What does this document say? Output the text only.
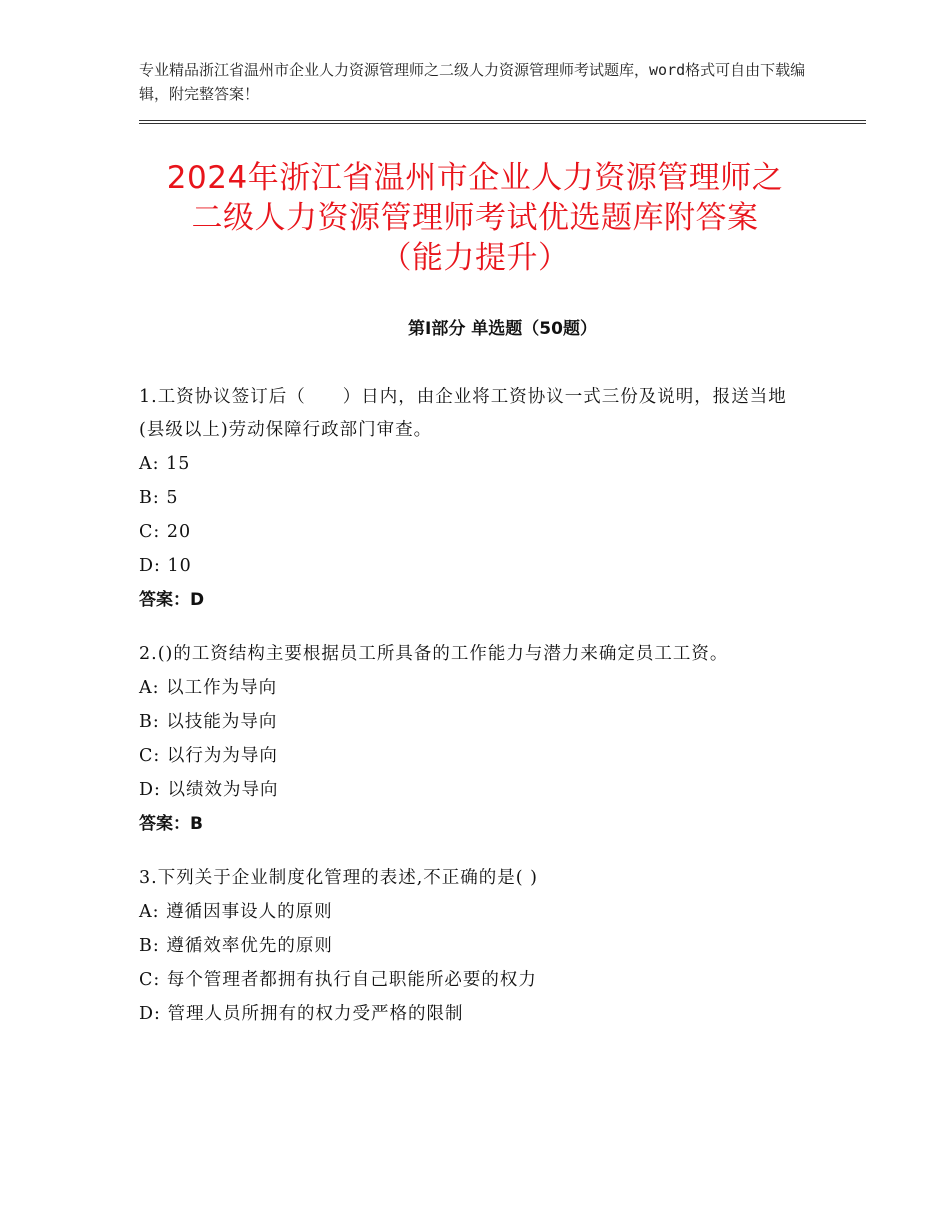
专业精品浙江省温州市企业人力资源管理师之二级人力资源管理师考试题库，word格式可自由下载编辑，附完整答案！
2024年浙江省温州市企业人力资源管理师之
二级人力资源管理师考试优选题库附答案
（能力提升）
第Ⅰ部分 单选题（50题）

1.工资协议签订后（　　）日内，由企业将工资协议一式三份及说明，报送当地(县级以上)劳动保障行政部门审查。

A: 15

B: 5

C: 20

D: 10

答案：D

2.()的工资结构主要根据员工所具备的工作能力与潜力来确定员工工资。

A: 以工作为导向

B: 以技能为导向

C: 以行为为导向

D: 以绩效为导向

答案：B

3.下列关于企业制度化管理的表述,不正确的是( )

A: 遵循因事设人的原则

B: 遵循效率优先的原则

C: 每个管理者都拥有执行自己职能所必要的权力

D: 管理人员所拥有的权力受严格的限制
